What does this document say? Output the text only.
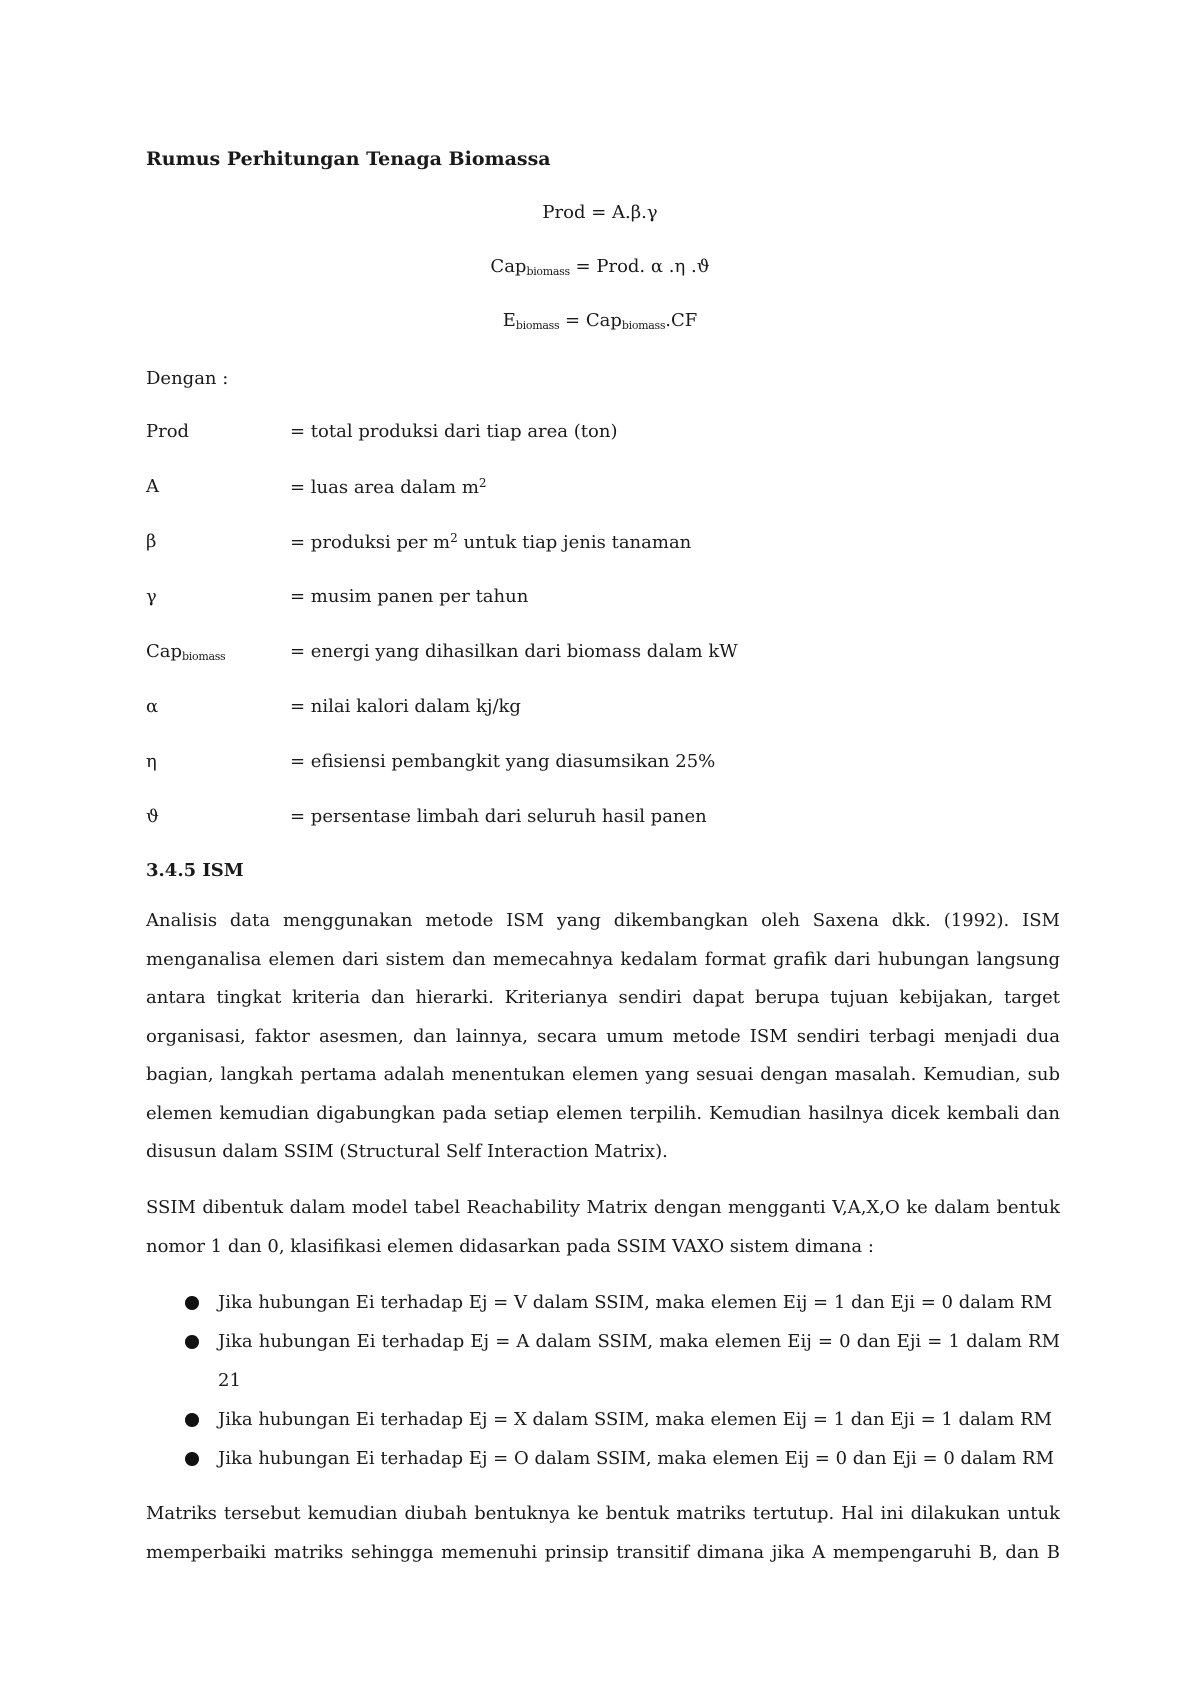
Rumus Perhitungan Tenaga Biomassa

Prod = A.β.γ

Cap$_{biomass}$ = Prod. α .η .ϑ

$E_{biomass} = Cap_{biomass}.CF$

Dengan :

Prod	= total produksi dari tiap area (ton)

A	= luas area dalam $m^2$

β	= produksi per $m^2$ untuk tiap jenis tanaman

γ	= musim panen per tahun

Cap$_{biomass}$	= energi yang dihasilkan dari biomass dalam kW

α	= nilai kalori dalam kj/kg

η	= efisiensi pembangkit yang diasumsikan 25%

ϑ	= persentase limbah dari seluruh hasil panen

3.4.5 ISM

Analisis data menggunakan metode ISM yang dikembangkan oleh Saxena dkk. (1992). ISM
menganalisa elemen dari sistem dan memecahnya kedalam format grafik dari hubungan langsung
antara tingkat kriteria dan hierarki. Kriterianya sendiri dapat berupa tujuan kebijakan, target
organisasi, faktor asesmen, dan lainnya, secara umum metode ISM sendiri terbagi menjadi dua
bagian, langkah pertama adalah menentukan elemen yang sesuai dengan masalah. Kemudian, sub
elemen kemudian digabungkan pada setiap elemen terpilih. Kemudian hasilnya dicek kembali dan
disusun dalam SSIM (Structural Self Interaction Matrix).
SSIM dibentuk dalam model tabel Reachability Matrix dengan mengganti V,A,X,O ke dalam bentuk
nomor 1 dan 0, klasifikasi elemen didasarkan pada SSIM VAXO sistem dimana :
Jika hubungan Ei terhadap Ej = V dalam SSIM, maka elemen Eij = 1 dan Eji = 0 dalam RM
Jika hubungan Ei terhadap Ej = A dalam SSIM, maka elemen Eij = 0 dan Eji = 1 dalam RM
21
Jika hubungan Ei terhadap Ej = X dalam SSIM, maka elemen Eij = 1 dan Eji = 1 dalam RM
Jika hubungan Ei terhadap Ej = O dalam SSIM, maka elemen Eij = 0 dan Eji = 0 dalam RM
Matriks tersebut kemudian diubah bentuknya ke bentuk matriks tertutup. Hal ini dilakukan untuk
memperbaiki matriks sehingga memenuhi prinsip transitif dimana jika A mempengaruhi B, dan B
